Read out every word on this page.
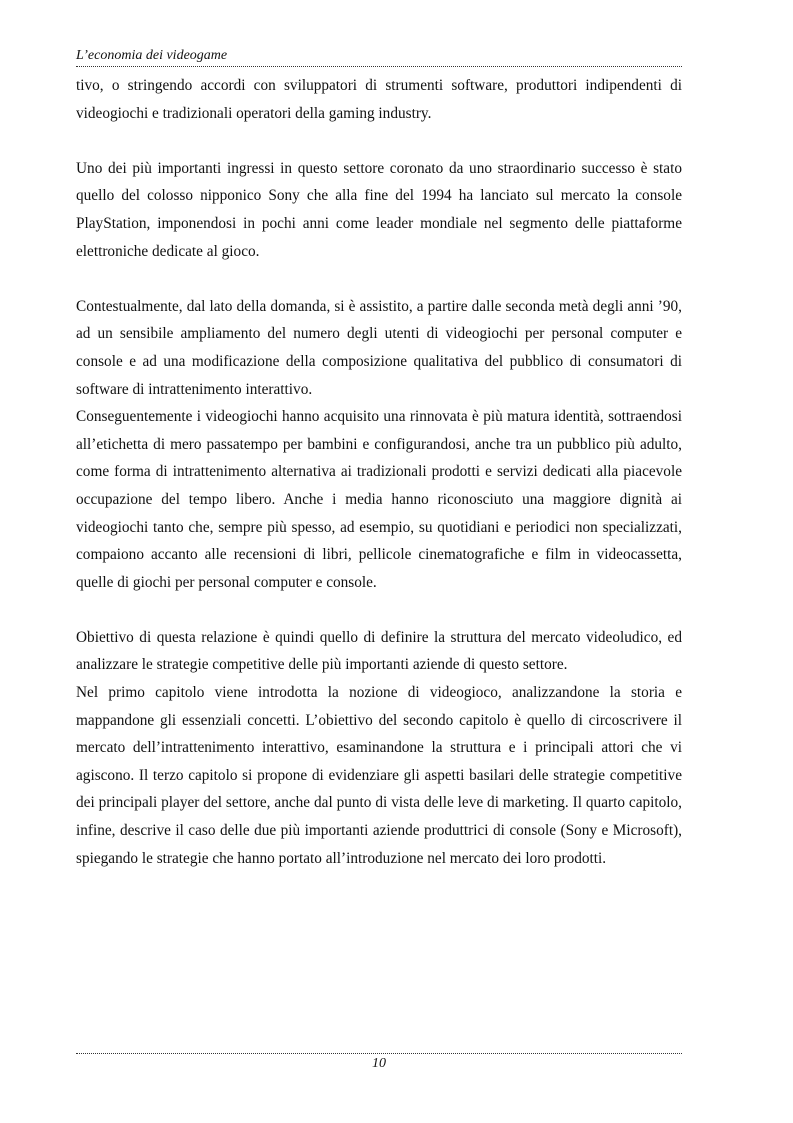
L’economia dei videogame

tivo, o stringendo accordi con sviluppatori di strumenti software, produttori indipendenti di videogiochi e tradizionali operatori della gaming industry.

Uno dei più importanti ingressi in questo settore coronato da uno straordinario successo è stato quello del colosso nipponico Sony che alla fine del 1994 ha lanciato sul mercato la console PlayStation, imponendosi in pochi anni come leader mondiale nel segmento delle piattaforme elettroniche dedicate al gioco.

Contestualmente, dal lato della domanda, si è assistito, a partire dalle seconda metà degli anni ’90, ad un sensibile ampliamento del numero degli utenti di videogiochi per personal computer e console e ad una modificazione della composizione qualitativa del pubblico di consumatori di software di intrattenimento interattivo.

Conseguentemente i videogiochi hanno acquisito una rinnovata è più matura identità, sottraendosi all’etichetta di mero passatempo per bambini e configurandosi, anche tra un pubblico più adulto, come forma di intrattenimento alternativa ai tradizionali prodotti e servizi dedicati alla piacevole occupazione del tempo libero. Anche i media hanno riconosciuto una maggiore dignità ai videogiochi tanto che, sempre più spesso, ad esempio, su quotidiani e periodici non specializzati, compaiono accanto alle recensioni di libri, pellicole cinematografiche e film in videocassetta, quelle di giochi per personal computer e console.

Obiettivo di questa relazione è quindi quello di definire la struttura del mercato videoludico, ed analizzare le strategie competitive delle più importanti aziende di questo settore.

Nel primo capitolo viene introdotta la nozione di videogioco, analizzandone la storia e mappandone gli essenziali concetti. L’obiettivo del secondo capitolo è quello di circoscrivere il mercato dell’intrattenimento interattivo, esaminandone la struttura e i principali attori che vi agiscono. Il terzo capitolo si propone di evidenziare gli aspetti basilari delle strategie competitive dei principali player del settore, anche dal punto di vista delle leve di marketing. Il quarto capitolo, infine, descrive il caso delle due più importanti aziende produttrici di console (Sony e Microsoft), spiegando le strategie che hanno portato all’introduzione nel mercato dei loro prodotti.

10
